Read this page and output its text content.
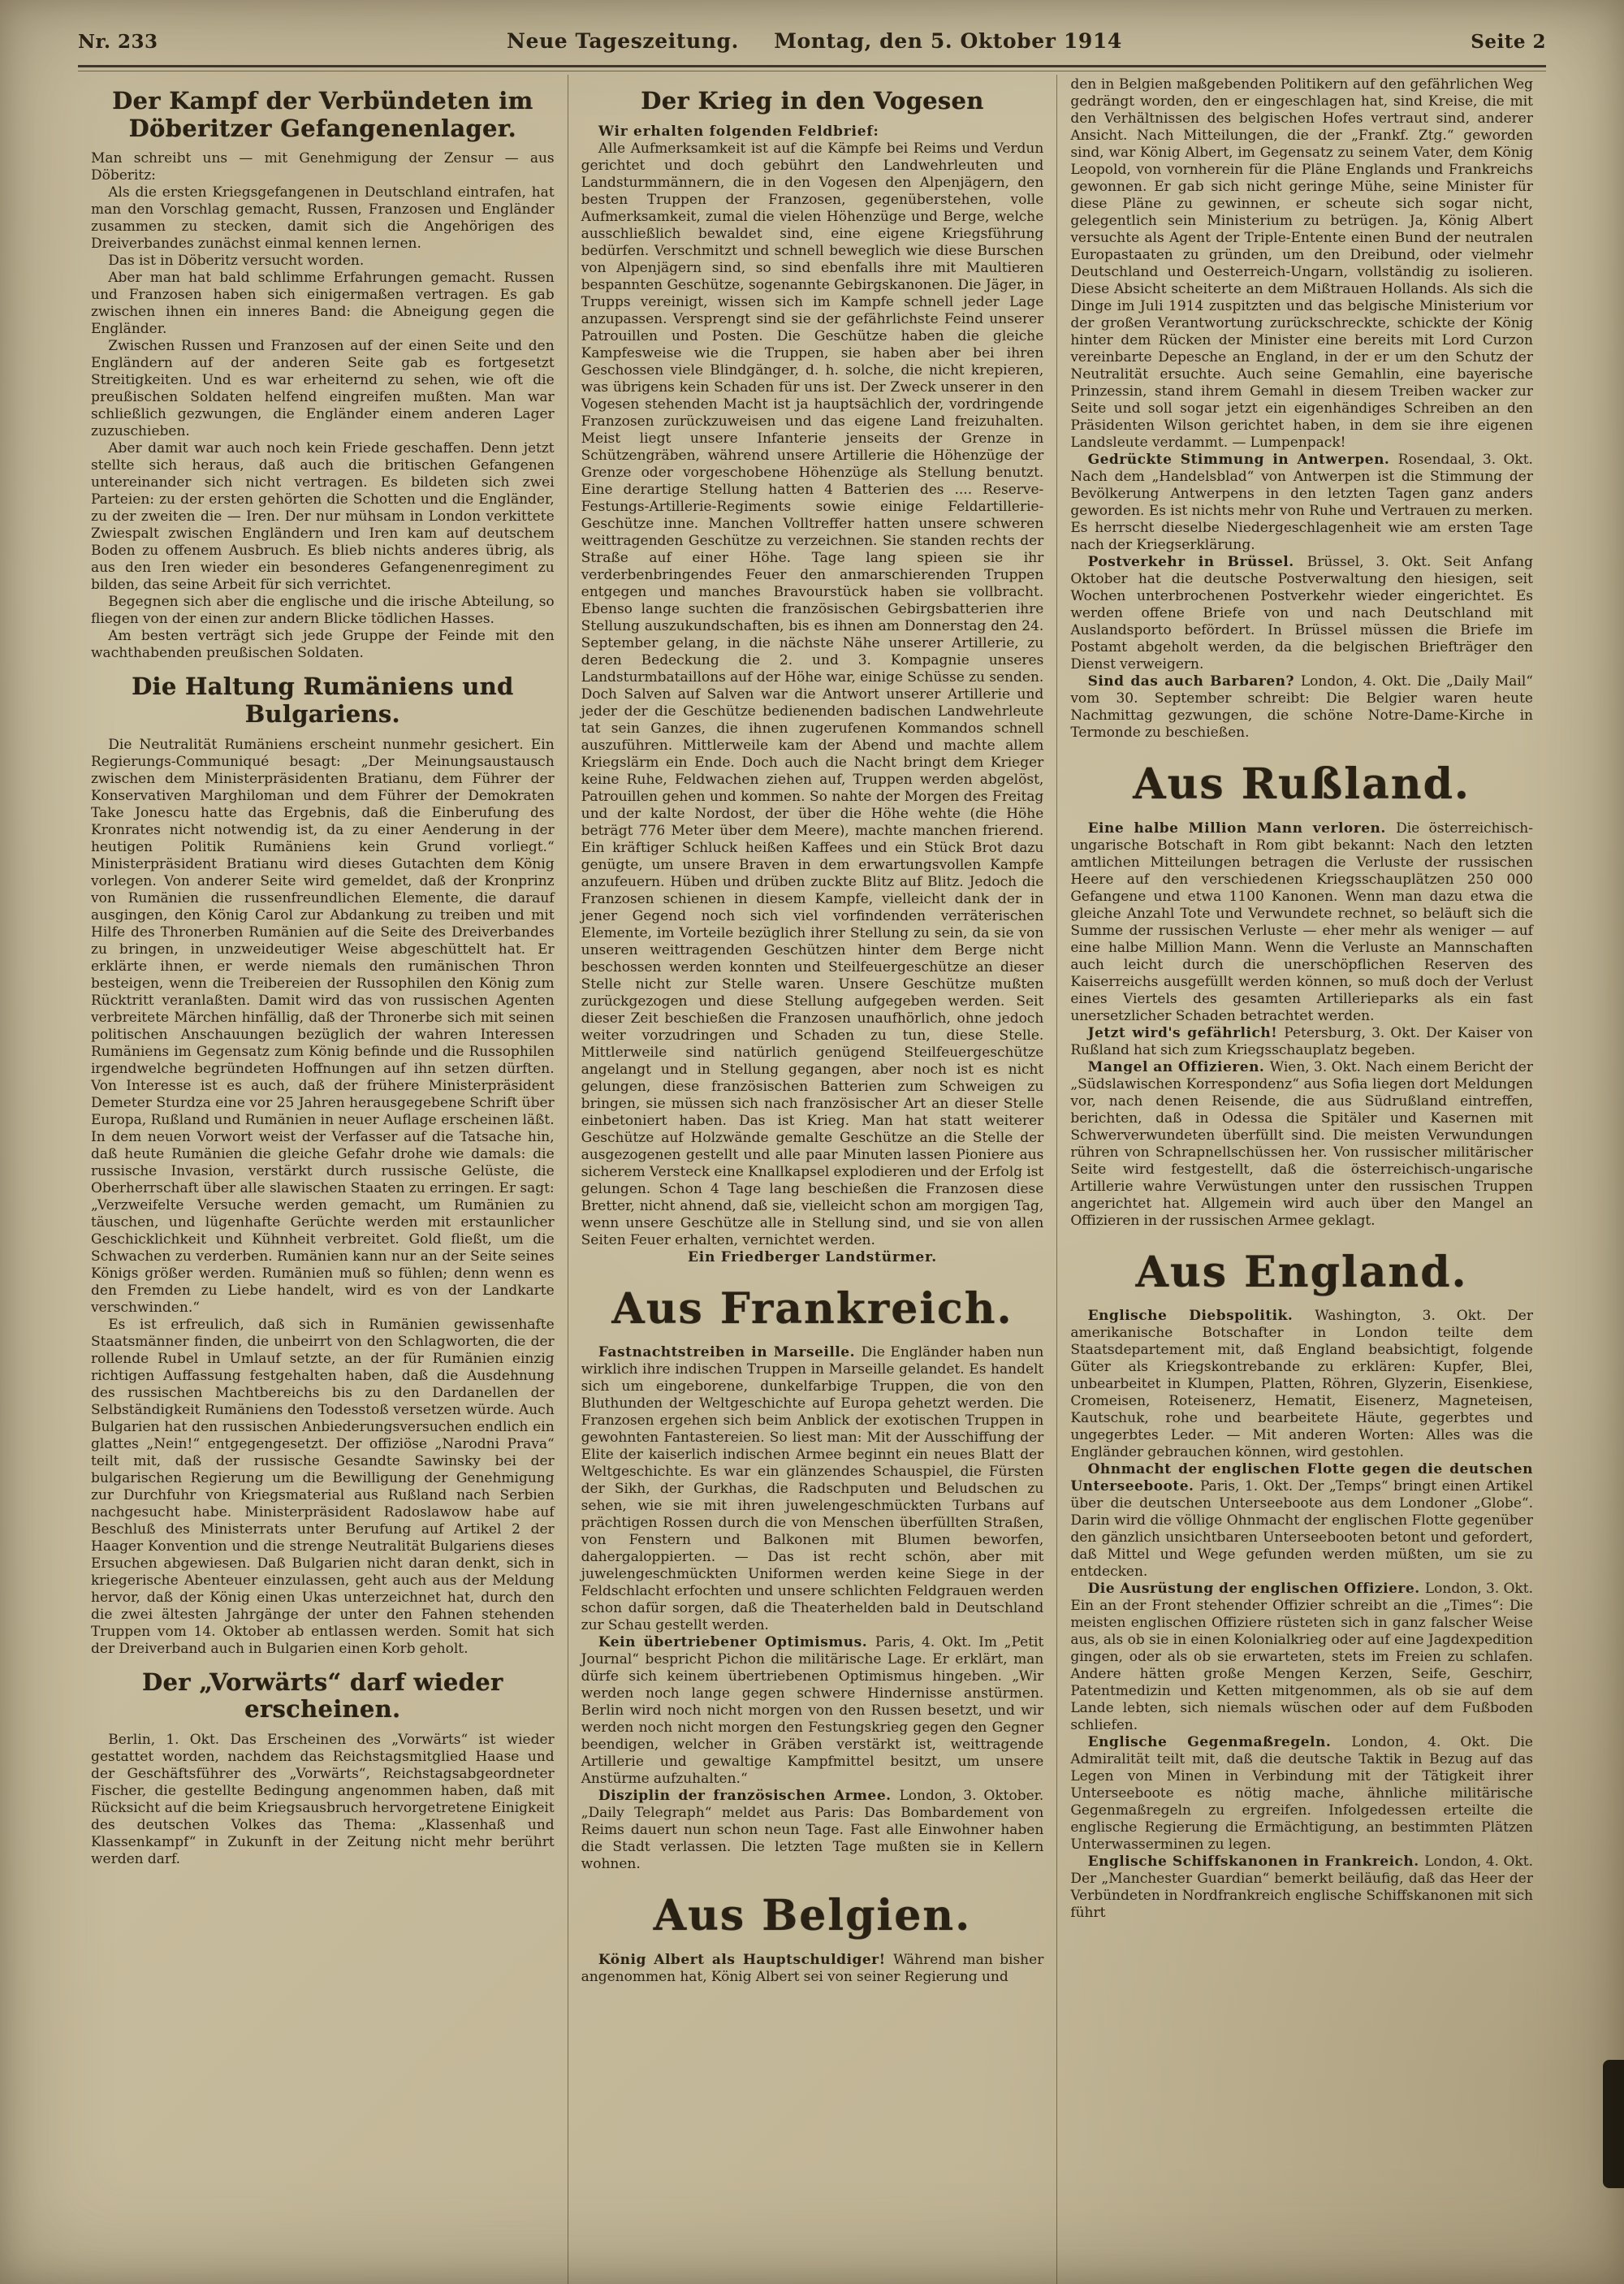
Nr. 233	Neue Tageszeitung. Montag, den 5. Oktober 1914	Seite 2
Der Kampf der Verbündeten im Döberitzer Gefangenenlager.

Man schreibt uns — mit Genehmigung der Zensur — aus Döberitz:

Als die ersten Kriegsgefangenen in Deutschland eintrafen, hat man den Vorschlag gemacht, Russen, Franzosen und Engländer zusammen zu stecken, damit sich die Angehörigen des Dreiverbandes zunächst einmal kennen lernen.

Das ist in Döberitz versucht worden.

Aber man hat bald schlimme Erfahrungen gemacht. Russen und Franzosen haben sich einigermaßen vertragen. Es gab zwischen ihnen ein inneres Band: die Abneigung gegen die Engländer.

Zwischen Russen und Franzosen auf der einen Seite und den Engländern auf der anderen Seite gab es fortgesetzt Streitigkeiten. Und es war erheiternd zu sehen, wie oft die preußischen Soldaten helfend eingreifen mußten. Man war schließlich gezwungen, die Engländer einem anderen Lager zuzuschieben.

Aber damit war auch noch kein Friede geschaffen. Denn jetzt stellte sich heraus, daß auch die britischen Gefangenen untereinander sich nicht vertragen. Es bildeten sich zwei Parteien: zu der ersten gehörten die Schotten und die Engländer, zu der zweiten die — Iren. Der nur mühsam in London verkittete Zwiespalt zwischen Engländern und Iren kam auf deutschem Boden zu offenem Ausbruch. Es blieb nichts anderes übrig, als aus den Iren wieder ein besonderes Gefangenenregiment zu bilden, das seine Arbeit für sich verrichtet.

Begegnen sich aber die englische und die irische Abteilung, so fliegen von der einen zur andern Blicke tödlichen Hasses.

Am besten verträgt sich jede Gruppe der Feinde mit den wachthabenden preußischen Soldaten.

Die Haltung Rumäniens und Bulgariens.

Die Neutralität Rumäniens erscheint nunmehr gesichert. Ein Regierungs-Communiqué besagt: „Der Meinungsaustausch zwischen dem Ministerpräsidenten Bratianu, dem Führer der Konservativen Marghiloman und dem Führer der Demokraten Take Jonescu hatte das Ergebnis, daß die Einberufung des Kronrates nicht notwendig ist, da zu einer Aenderung in der heutigen Politik Rumäniens kein Grund vorliegt.“ Ministerpräsident Bratianu wird dieses Gutachten dem König vorlegen. Von anderer Seite wird gemeldet, daß der Kronprinz von Rumänien die russenfreundlichen Elemente, die darauf ausgingen, den König Carol zur Abdankung zu treiben und mit Hilfe des Thronerben Rumänien auf die Seite des Dreiverbandes zu bringen, in unzweideutiger Weise abgeschüttelt hat. Er erklärte ihnen, er werde niemals den rumänischen Thron besteigen, wenn die Treibereien der Russophilen den König zum Rücktritt veranlaßten. Damit wird das von russischen Agenten verbreitete Märchen hinfällig, daß der Thronerbe sich mit seinen politischen Anschauungen bezüglich der wahren Interessen Rumäniens im Gegensatz zum König befinde und die Russophilen irgendwelche begründeten Hoffnungen auf ihn setzen dürften. Von Interesse ist es auch, daß der frühere Ministerpräsident Demeter Sturdza eine vor 25 Jahren herausgegebene Schrift über Europa, Rußland und Rumänien in neuer Auflage erscheinen läßt. In dem neuen Vorwort weist der Verfasser auf die Tatsache hin, daß heute Rumänien die gleiche Gefahr drohe wie damals: die russische Invasion, verstärkt durch russische Gelüste, die Oberherrschaft über alle slawischen Staaten zu erringen. Er sagt: „Verzweifelte Versuche werden gemacht, um Rumänien zu täuschen, und lügenhafte Gerüchte werden mit erstaunlicher Geschicklichkeit und Kühnheit verbreitet. Gold fließt, um die Schwachen zu verderben. Rumänien kann nur an der Seite seines Königs größer werden. Rumänien muß so fühlen; denn wenn es den Fremden zu Liebe handelt, wird es von der Landkarte verschwinden.“

Es ist erfreulich, daß sich in Rumänien gewissenhafte Staatsmänner finden, die unbeirrt von den Schlagworten, die der rollende Rubel in Umlauf setzte, an der für Rumänien einzig richtigen Auffassung festgehalten haben, daß die Ausdehnung des russischen Machtbereichs bis zu den Dardanellen der Selbständigkeit Rumäniens den Todesstoß versetzen würde. Auch Bulgarien hat den russischen Anbiederungsversuchen endlich ein glattes „Nein!“ entgegengesetzt. Der offiziöse „Narodni Prava“ teilt mit, daß der russische Gesandte Sawinsky bei der bulgarischen Regierung um die Bewilligung der Genehmigung zur Durchfuhr von Kriegsmaterial aus Rußland nach Serbien nachgesucht habe. Ministerpräsident Radoslawow habe auf Beschluß des Ministerrats unter Berufung auf Artikel 2 der Haager Konvention und die strenge Neutralität Bulgariens dieses Ersuchen abgewiesen. Daß Bulgarien nicht daran denkt, sich in kriegerische Abenteuer einzulassen, geht auch aus der Meldung hervor, daß der König einen Ukas unterzeichnet hat, durch den die zwei ältesten Jahrgänge der unter den Fahnen stehenden Truppen vom 14. Oktober ab entlassen werden. Somit hat sich der Dreiverband auch in Bulgarien einen Korb geholt.

Der „Vorwärts“ darf wieder erscheinen.

Berlin, 1. Okt. Das Erscheinen des „Vorwärts“ ist wieder gestattet worden, nachdem das Reichstagsmitglied Haase und der Geschäftsführer des „Vorwärts“, Reichstagsabgeordneter Fischer, die gestellte Bedingung angenommen haben, daß mit Rücksicht auf die beim Kriegsausbruch hervorgetretene Einigkeit des deutschen Volkes das Thema: „Klassenhaß und Klassenkampf“ in Zukunft in der Zeitung nicht mehr berührt werden darf.

Der Krieg in den Vogesen

Wir erhalten folgenden Feldbrief:

Alle Aufmerksamkeit ist auf die Kämpfe bei Reims und Verdun gerichtet und doch gebührt den Landwehrleuten und Landsturmmännern, die in den Vogesen den Alpenjägern, den besten Truppen der Franzosen, gegenüberstehen, volle Aufmerksamkeit, zumal die vielen Höhenzüge und Berge, welche ausschließlich bewaldet sind, eine eigene Kriegsführung bedürfen. Verschmitzt und schnell beweglich wie diese Burschen von Alpenjägern sind, so sind ebenfalls ihre mit Maultieren bespannten Geschütze, sogenannte Gebirgskanonen. Die Jäger, in Trupps vereinigt, wissen sich im Kampfe schnell jeder Lage anzupassen. Versprengt sind sie der gefährlichste Feind unserer Patrouillen und Posten. Die Geschütze haben die gleiche Kampfesweise wie die Truppen, sie haben aber bei ihren Geschossen viele Blindgänger, d. h. solche, die nicht krepieren, was übrigens kein Schaden für uns ist. Der Zweck unserer in den Vogesen stehenden Macht ist ja hauptsächlich der, vordringende Franzosen zurückzuweisen und das eigene Land freizuhalten. Meist liegt unsere Infanterie jenseits der Grenze in Schützengräben, während unsere Artillerie die Höhenzüge der Grenze oder vorgeschobene Höhenzüge als Stellung benutzt. Eine derartige Stellung hatten 4 Batterien des .... Reserve-Festungs-Artillerie-Regiments sowie einige Feldartillerie-Geschütze inne. Manchen Volltreffer hatten unsere schweren weittragenden Geschütze zu verzeichnen. Sie standen rechts der Straße auf einer Höhe. Tage lang spieen sie ihr verderbenbringendes Feuer den anmarschierenden Truppen entgegen und manches Bravourstück haben sie vollbracht. Ebenso lange suchten die französischen Gebirgsbatterien ihre Stellung auszukundschaften, bis es ihnen am Donnerstag den 24. September gelang, in die nächste Nähe unserer Artillerie, zu deren Bedeckung die 2. und 3. Kompagnie unseres Landsturmbataillons auf der Höhe war, einige Schüsse zu senden. Doch Salven auf Salven war die Antwort unserer Artillerie und jeder der die Geschütze bedienenden badischen Landwehrleute tat sein Ganzes, die ihnen zugerufenen Kommandos schnell auszuführen. Mittlerweile kam der Abend und machte allem Kriegslärm ein Ende. Doch auch die Nacht bringt dem Krieger keine Ruhe, Feldwachen ziehen auf, Truppen werden abgelöst, Patrouillen gehen und kommen. So nahte der Morgen des Freitag und der kalte Nordost, der über die Höhe wehte (die Höhe beträgt 776 Meter über dem Meere), machte manchen frierend. Ein kräftiger Schluck heißen Kaffees und ein Stück Brot dazu genügte, um unsere Braven in dem erwartungsvollen Kampfe anzufeuern. Hüben und drüben zuckte Blitz auf Blitz. Jedoch die Franzosen schienen in diesem Kampfe, vielleicht dank der in jener Gegend noch sich viel vorfindenden verräterischen Elemente, im Vorteile bezüglich ihrer Stellung zu sein, da sie von unseren weittragenden Geschützen hinter dem Berge nicht beschossen werden konnten und Steilfeuergeschütze an dieser Stelle nicht zur Stelle waren. Unsere Geschütze mußten zurückgezogen und diese Stellung aufgegeben werden. Seit dieser Zeit beschießen die Franzosen unaufhörlich, ohne jedoch weiter vorzudringen und Schaden zu tun, diese Stelle. Mittlerweile sind natürlich genügend Steilfeuergeschütze angelangt und in Stellung gegangen, aber noch ist es nicht gelungen, diese französischen Batterien zum Schweigen zu bringen, sie müssen sich nach französischer Art an dieser Stelle einbetoniert haben. Das ist Krieg. Man hat statt weiterer Geschütze auf Holzwände gemalte Geschütze an die Stelle der ausgezogenen gestellt und alle paar Minuten lassen Pioniere aus sicherem Versteck eine Knallkapsel explodieren und der Erfolg ist gelungen. Schon 4 Tage lang beschießen die Franzosen diese Bretter, nicht ahnend, daß sie, vielleicht schon am morgigen Tag, wenn unsere Geschütze alle in Stellung sind, und sie von allen Seiten Feuer erhalten, vernichtet werden.

Ein Friedberger Landstürmer.

Aus Frankreich.

Fastnachtstreiben in Marseille. Die Engländer haben nun wirklich ihre indischen Truppen in Marseille gelandet. Es handelt sich um eingeborene, dunkelfarbige Truppen, die von den Bluthunden der Weltgeschichte auf Europa gehetzt werden. Die Franzosen ergehen sich beim Anblick der exotischen Truppen in gewohnten Fantastereien. So liest man: Mit der Ausschiffung der Elite der kaiserlich indischen Armee beginnt ein neues Blatt der Weltgeschichte. Es war ein glänzendes Schauspiel, die Fürsten der Sikh, der Gurkhas, die Radschputen und Beludschen zu sehen, wie sie mit ihren juwelengeschmückten Turbans auf prächtigen Rossen durch die von Menschen überfüllten Straßen, von Fenstern und Balkonen mit Blumen beworfen, dahergaloppierten. — Das ist recht schön, aber mit juwelengeschmückten Uniformen werden keine Siege in der Feldschlacht erfochten und unsere schlichten Feldgrauen werden schon dafür sorgen, daß die Theaterhelden bald in Deutschland zur Schau gestellt werden.

Kein übertriebener Optimismus. Paris, 4. Okt. Im „Petit Journal“ bespricht Pichon die militärische Lage. Er erklärt, man dürfe sich keinem übertriebenen Optimismus hingeben. „Wir werden noch lange gegen schwere Hindernisse anstürmen. Berlin wird noch nicht morgen von den Russen besetzt, und wir werden noch nicht morgen den Festungskrieg gegen den Gegner beendigen, welcher in Gräben verstärkt ist, weittragende Artillerie und gewaltige Kampfmittel besitzt, um unsere Anstürme aufzuhalten.“

Disziplin der französischen Armee. London, 3. Oktober. „Daily Telegraph“ meldet aus Paris: Das Bombardement von Reims dauert nun schon neun Tage. Fast alle Einwohner haben die Stadt verlassen. Die letzten Tage mußten sie in Kellern wohnen.

Aus Belgien.

König Albert als Hauptschuldiger! Während man bisher angenommen hat, König Albert sei von seiner Regierung und

den in Belgien maßgebenden Politikern auf den gefährlichen Weg gedrängt worden, den er eingeschlagen hat, sind Kreise, die mit den Verhältnissen des belgischen Hofes vertraut sind, anderer Ansicht. Nach Mitteilungen, die der „Frankf. Ztg.“ geworden sind, war König Albert, im Gegensatz zu seinem Vater, dem König Leopold, von vornherein für die Pläne Englands und Frankreichs gewonnen. Er gab sich nicht geringe Mühe, seine Minister für diese Pläne zu gewinnen, er scheute sich sogar nicht, gelegentlich sein Ministerium zu betrügen. Ja, König Albert versuchte als Agent der Triple-Entente einen Bund der neutralen Europastaaten zu gründen, um den Dreibund, oder vielmehr Deutschland und Oesterreich-Ungarn, vollständig zu isolieren. Diese Absicht scheiterte an dem Mißtrauen Hollands. Als sich die Dinge im Juli 1914 zuspitzten und das belgische Ministerium vor der großen Verantwortung zurückschreckte, schickte der König hinter dem Rücken der Minister eine bereits mit Lord Curzon vereinbarte Depesche an England, in der er um den Schutz der Neutralität ersuchte. Auch seine Gemahlin, eine bayerische Prinzessin, stand ihrem Gemahl in diesem Treiben wacker zur Seite und soll sogar jetzt ein eigenhändiges Schreiben an den Präsidenten Wilson gerichtet haben, in dem sie ihre eigenen Landsleute verdammt. — Lumpenpack!

Gedrückte Stimmung in Antwerpen. Rosendaal, 3. Okt. Nach dem „Handelsblad“ von Antwerpen ist die Stimmung der Bevölkerung Antwerpens in den letzten Tagen ganz anders geworden. Es ist nichts mehr von Ruhe und Vertrauen zu merken. Es herrscht dieselbe Niedergeschlagenheit wie am ersten Tage nach der Kriegserklärung.

Postverkehr in Brüssel. Brüssel, 3. Okt. Seit Anfang Oktober hat die deutsche Postverwaltung den hiesigen, seit Wochen unterbrochenen Postverkehr wieder eingerichtet. Es werden offene Briefe von und nach Deutschland mit Auslandsporto befördert. In Brüssel müssen die Briefe im Postamt abgeholt werden, da die belgischen Briefträger den Dienst verweigern.

Sind das auch Barbaren? London, 4. Okt. Die „Daily Mail“ vom 30. September schreibt: Die Belgier waren heute Nachmittag gezwungen, die schöne Notre-Dame-Kirche in Termonde zu beschießen.

Aus Rußland.

Eine halbe Million Mann verloren. Die österreichisch-ungarische Botschaft in Rom gibt bekannt: Nach den letzten amtlichen Mitteilungen betragen die Verluste der russischen Heere auf den verschiedenen Kriegsschauplätzen 250 000 Gefangene und etwa 1100 Kanonen. Wenn man dazu etwa die gleiche Anzahl Tote und Verwundete rechnet, so beläuft sich die Summe der russischen Verluste — eher mehr als weniger — auf eine halbe Million Mann. Wenn die Verluste an Mannschaften auch leicht durch die unerschöpflichen Reserven des Kaiserreichs ausgefüllt werden können, so muß doch der Verlust eines Viertels des gesamten Artillerieparks als ein fast unersetzlicher Schaden betrachtet werden.

Jetzt wird's gefährlich! Petersburg, 3. Okt. Der Kaiser von Rußland hat sich zum Kriegsschauplatz begeben.

Mangel an Offizieren. Wien, 3. Okt. Nach einem Bericht der „Südslawischen Korrespondenz“ aus Sofia liegen dort Meldungen vor, nach denen Reisende, die aus Südrußland eintreffen, berichten, daß in Odessa die Spitäler und Kasernen mit Schwerverwundeten überfüllt sind. Die meisten Verwundungen rühren von Schrapnellschüssen her. Von russischer militärischer Seite wird festgestellt, daß die österreichisch-ungarische Artillerie wahre Verwüstungen unter den russischen Truppen angerichtet hat. Allgemein wird auch über den Mangel an Offizieren in der russischen Armee geklagt.

Aus England.

Englische Diebspolitik. Washington, 3. Okt. Der amerikanische Botschafter in London teilte dem Staatsdepartement mit, daß England beabsichtigt, folgende Güter als Kriegskontrebande zu erklären: Kupfer, Blei, unbearbeitet in Klumpen, Platten, Röhren, Glyzerin, Eisenkiese, Cromeisen, Roteisenerz, Hematit, Eisenerz, Magneteisen, Kautschuk, rohe und bearbeitete Häute, gegerbtes und ungegerbtes Leder. — Mit anderen Worten: Alles was die Engländer gebrauchen können, wird gestohlen.

Ohnmacht der englischen Flotte gegen die deutschen Unterseeboote. Paris, 1. Okt. Der „Temps“ bringt einen Artikel über die deutschen Unterseeboote aus dem Londoner „Globe“. Darin wird die völlige Ohnmacht der englischen Flotte gegenüber den gänzlich unsichtbaren Unterseebooten betont und gefordert, daß Mittel und Wege gefunden werden müßten, um sie zu entdecken.

Die Ausrüstung der englischen Offiziere. London, 3. Okt. Ein an der Front stehender Offizier schreibt an die „Times“: Die meisten englischen Offiziere rüsteten sich in ganz falscher Weise aus, als ob sie in einen Kolonialkrieg oder auf eine Jagdexpedition gingen, oder als ob sie erwarteten, stets im Freien zu schlafen. Andere hätten große Mengen Kerzen, Seife, Geschirr, Patentmedizin und Ketten mitgenommen, als ob sie auf dem Lande lebten, sich niemals wüschen oder auf dem Fußboden schliefen.

Englische Gegenmaßregeln. London, 4. Okt. Die Admiralität teilt mit, daß die deutsche Taktik in Bezug auf das Legen von Minen in Verbindung mit der Tätigkeit ihrer Unterseeboote es nötig mache, ähnliche militärische Gegenmaßregeln zu ergreifen. Infolgedessen erteilte die englische Regierung die Ermächtigung, an bestimmten Plätzen Unterwasserminen zu legen.

Englische Schiffskanonen in Frankreich. London, 4. Okt. Der „Manchester Guardian“ bemerkt beiläufig, daß das Heer der Verbündeten in Nordfrankreich englische Schiffskanonen mit sich führt
